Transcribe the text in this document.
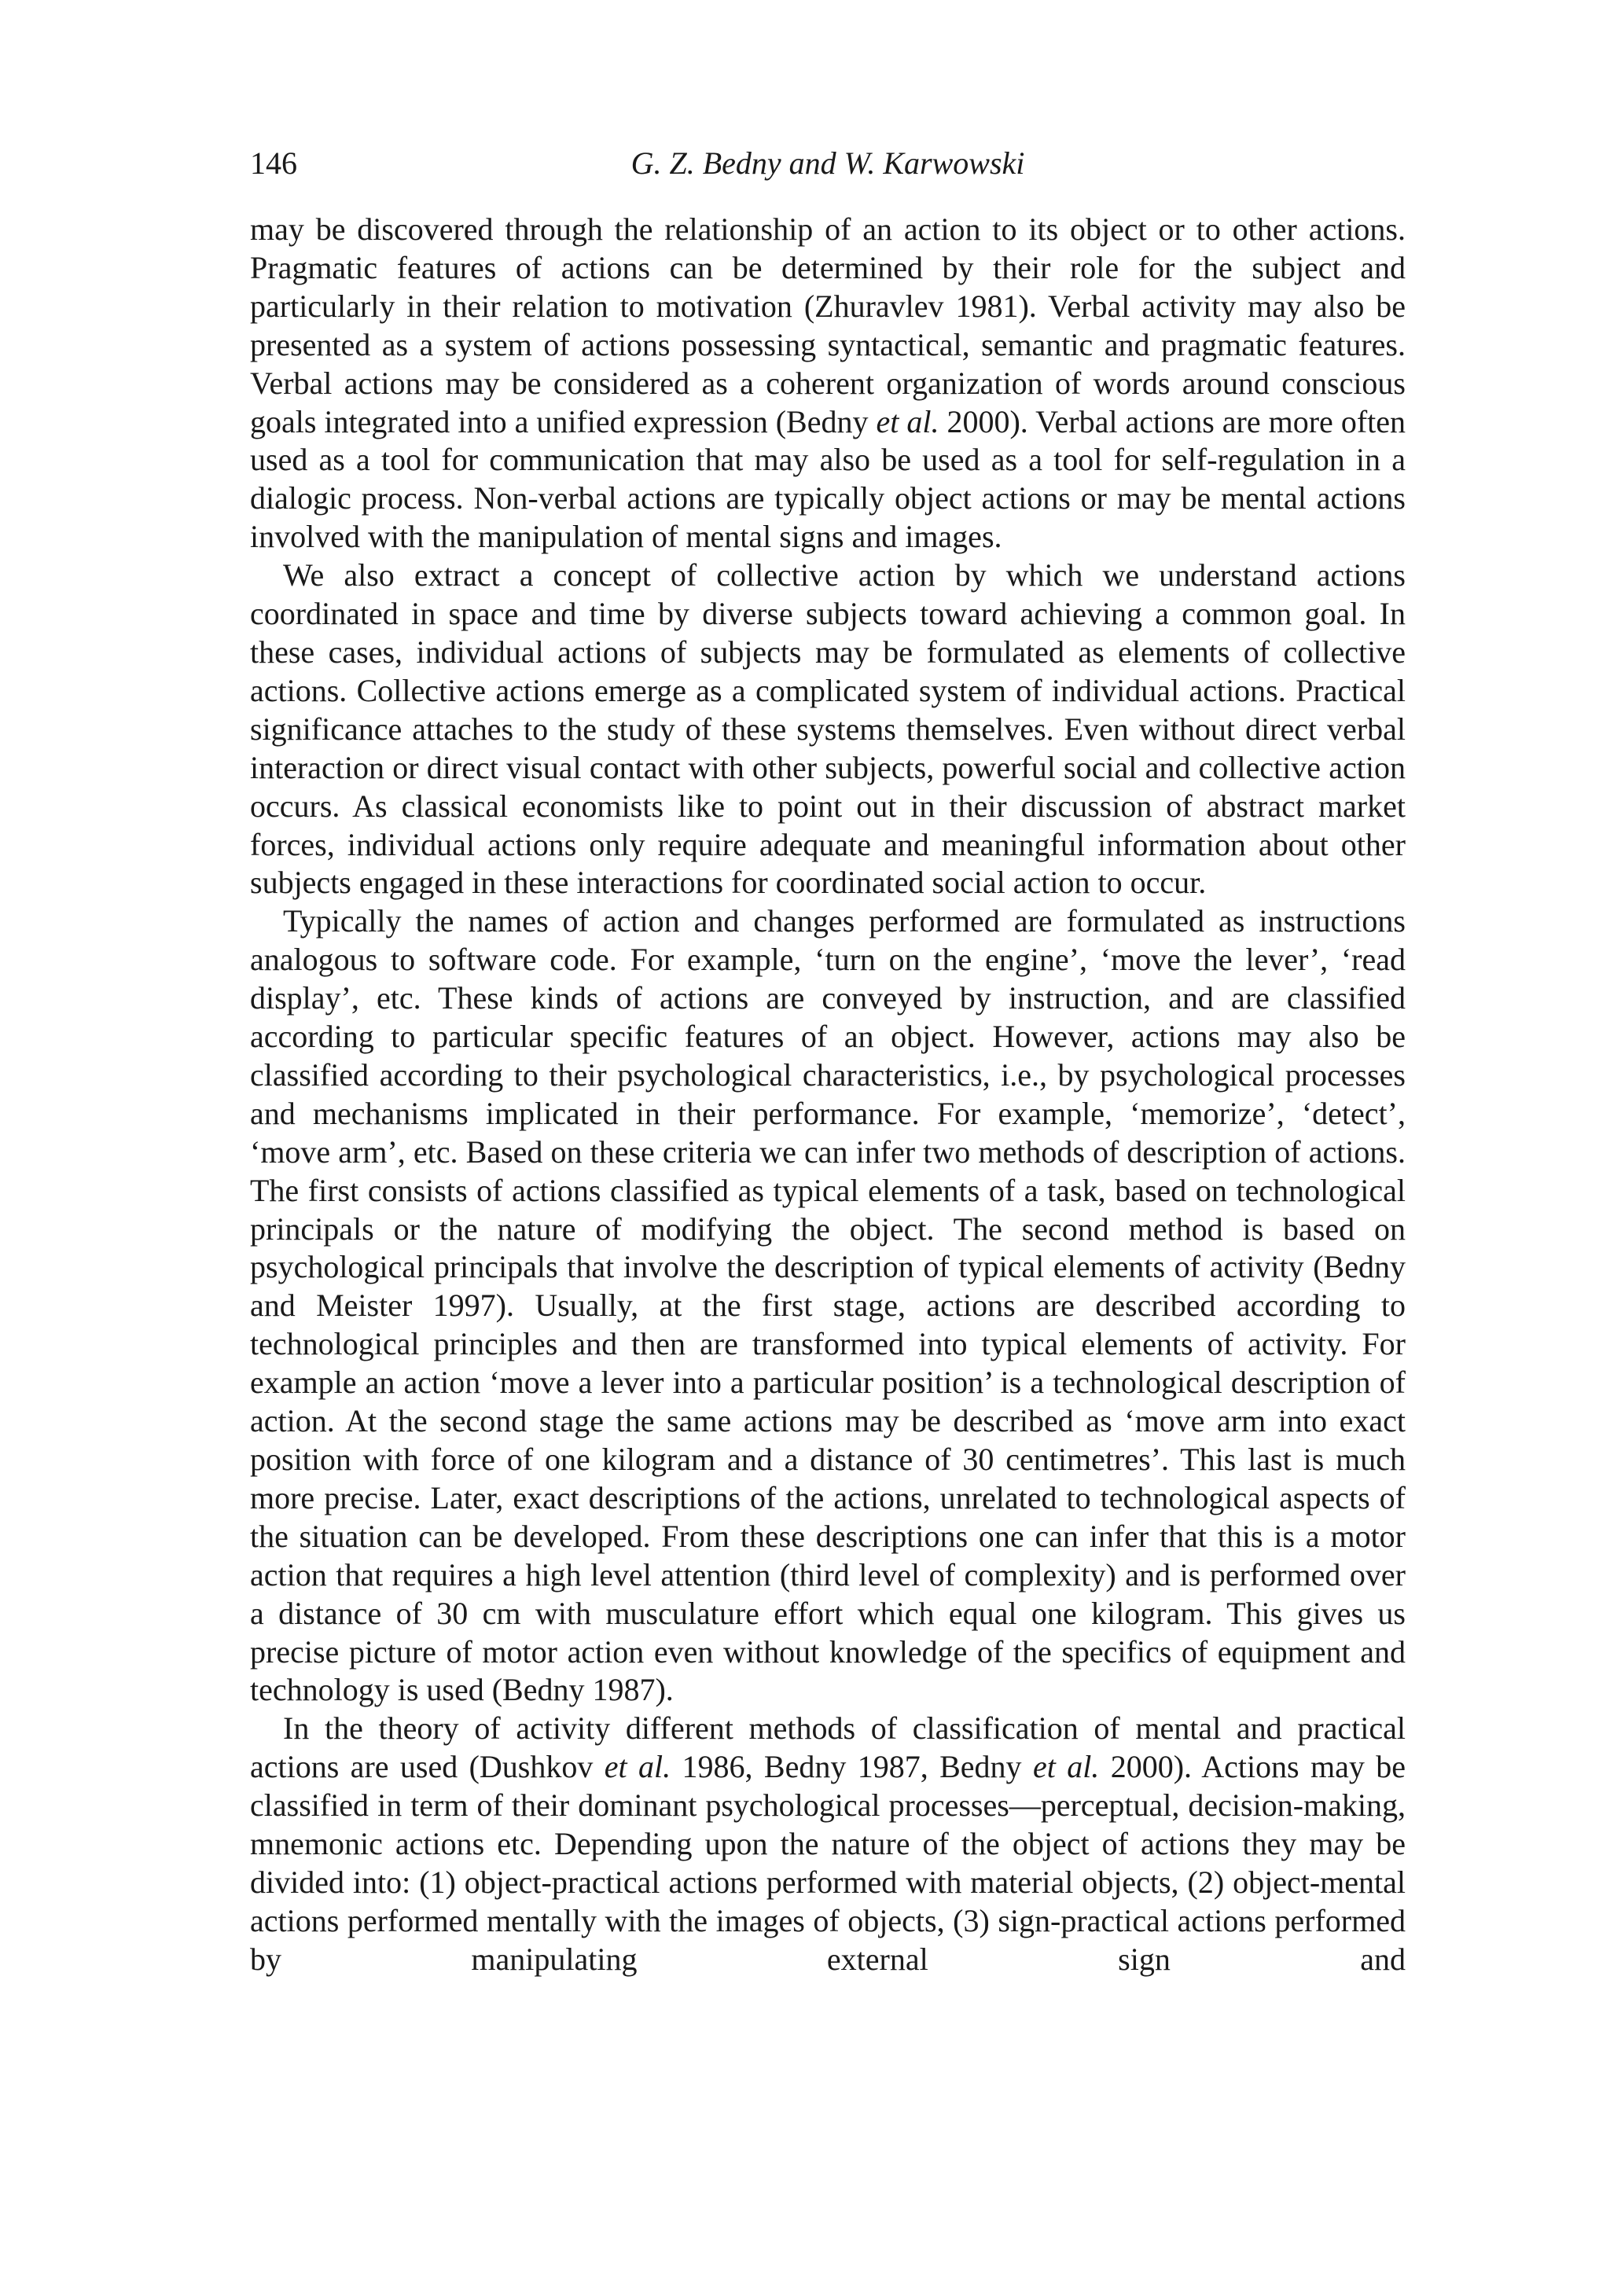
146	G. Z. Bedny and W. Karwowski

may be discovered through the relationship of an action to its object or to other actions. Pragmatic features of actions can be determined by their role for the subject and particularly in their relation to motivation (Zhuravlev 1981). Verbal activity may also be presented as a system of actions possessing syntactical, semantic and pragmatic features. Verbal actions may be considered as a coherent organization of words around conscious goals integrated into a unified expression (Bedny et al. 2000). Verbal actions are more often used as a tool for communication that may also be used as a tool for self-regulation in a dialogic process. Non-verbal actions are typically object actions or may be mental actions involved with the manipulation of mental signs and images.

We also extract a concept of collective action by which we understand actions coordinated in space and time by diverse subjects toward achieving a common goal. In these cases, individual actions of subjects may be formulated as elements of collective actions. Collective actions emerge as a complicated system of individual actions. Practical significance attaches to the study of these systems themselves. Even without direct verbal interaction or direct visual contact with other subjects, powerful social and collective action occurs. As classical economists like to point out in their discussion of abstract market forces, individual actions only require adequate and meaningful information about other subjects engaged in these interactions for coordinated social action to occur.

Typically the names of action and changes performed are formulated as instructions analogous to software code. For example, ‘turn on the engine’, ‘move the lever’, ‘read display’, etc. These kinds of actions are conveyed by instruction, and are classified according to particular specific features of an object. However, actions may also be classified according to their psychological characteristics, i.e., by psychological processes and mechanisms implicated in their performance. For example, ‘memorize’, ‘detect’, ‘move arm’, etc. Based on these criteria we can infer two methods of description of actions. The first consists of actions classified as typical elements of a task, based on technological principals or the nature of modifying the object. The second method is based on psychological principals that involve the description of typical elements of activity (Bedny and Meister 1997). Usually, at the first stage, actions are described according to technological principles and then are transformed into typical elements of activity. For example an action ‘move a lever into a particular position’ is a technological description of action. At the second stage the same actions may be described as ‘move arm into exact position with force of one kilogram and a distance of 30 centimetres’. This last is much more precise. Later, exact descriptions of the actions, unrelated to technological aspects of the situation can be developed. From these descriptions one can infer that this is a motor action that requires a high level attention (third level of complexity) and is performed over a distance of 30 cm with musculature effort which equal one kilogram. This gives us precise picture of motor action even without knowledge of the specifics of equipment and technology is used (Bedny 1987).

In the theory of activity different methods of classification of mental and practical actions are used (Dushkov et al. 1986, Bedny 1987, Bedny et al. 2000). Actions may be classified in term of their dominant psychological processes—perceptual, decision-making, mnemonic actions etc. Depending upon the nature of the object of actions they may be divided into: (1) object-practical actions performed with material objects, (2) object-mental actions performed mentally with the images of objects, (3) sign-practical actions performed by manipulating external sign and
